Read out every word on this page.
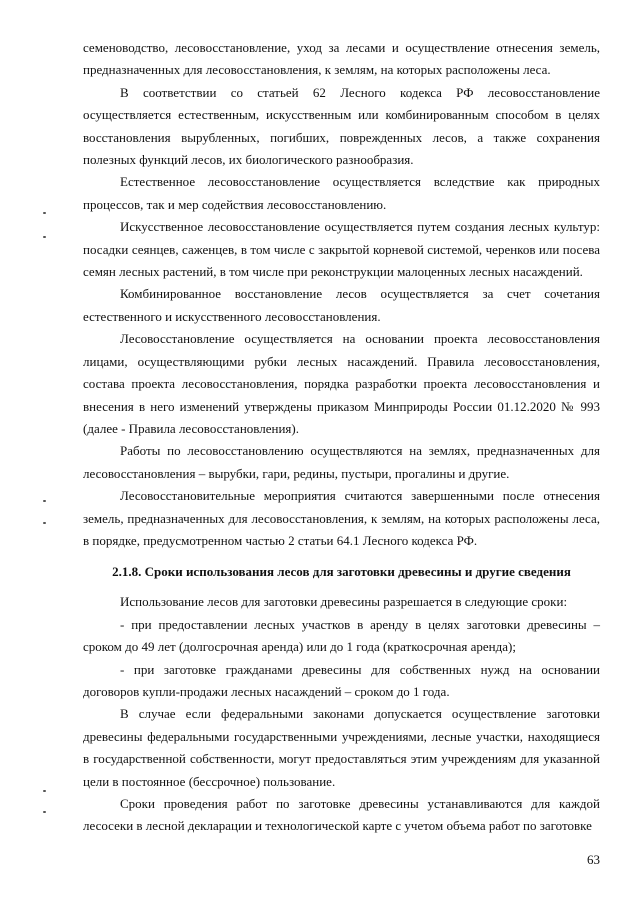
семеноводство, лесовосстановление, уход за лесами и осуществление отнесения земель, предназначенных для лесовосстановления, к землям, на которых расположены леса.

В соответствии со статьей 62 Лесного кодекса РФ лесовосстановление осуществляется естественным, искусственным или комбинированным способом в целях восстановления вырубленных, погибших, поврежденных лесов, а также сохранения полезных функций лесов, их биологического разнообразия.

Естественное лесовосстановление осуществляется вследствие как природных процессов, так и мер содействия лесовосстановлению.

Искусственное лесовосстановление осуществляется путем создания лесных культур: посадки сеянцев, саженцев, в том числе с закрытой корневой системой, черенков или посева семян лесных растений, в том числе при реконструкции малоценных лесных насаждений.

Комбинированное восстановление лесов осуществляется за счет сочетания естественного и искусственного лесовосстановления.

Лесовосстановление осуществляется на основании проекта лесовосстановления лицами, осуществляющими рубки лесных насаждений. Правила лесовосстановления, состава проекта лесовосстановления, порядка разработки проекта лесовосстановления и внесения в него изменений утверждены приказом Минприроды России 01.12.2020 № 993 (далее - Правила лесовосстановления).

Работы по лесовосстановлению осуществляются на землях, предназначенных для лесовосстановления – вырубки, гари, редины, пустыри, прогалины и другие.

Лесовосстановительные мероприятия считаются завершенными после отнесения земель, предназначенных для лесовосстановления, к землям, на которых расположены леса, в порядке, предусмотренном частью 2 статьи 64.1 Лесного кодекса РФ.

2.1.8. Сроки использования лесов для заготовки древесины и другие сведения

Использование лесов для заготовки древесины разрешается в следующие сроки:

- при предоставлении лесных участков в аренду в целях заготовки древесины – сроком до 49 лет (долгосрочная аренда) или до 1 года (краткосрочная аренда);

- при заготовке гражданами древесины для собственных нужд на основании договоров купли-продажи лесных насаждений – сроком до 1 года.

В случае если федеральными законами допускается осуществление заготовки древесины федеральными государственными учреждениями, лесные участки, находящиеся в государственной собственности, могут предоставляться этим учреждениям для указанной цели в постоянное (бессрочное) пользование.

Сроки проведения работ по заготовке древесины устанавливаются для каждой лесосеки в лесной декларации и технологической карте с учетом объема работ по заготовке

63
